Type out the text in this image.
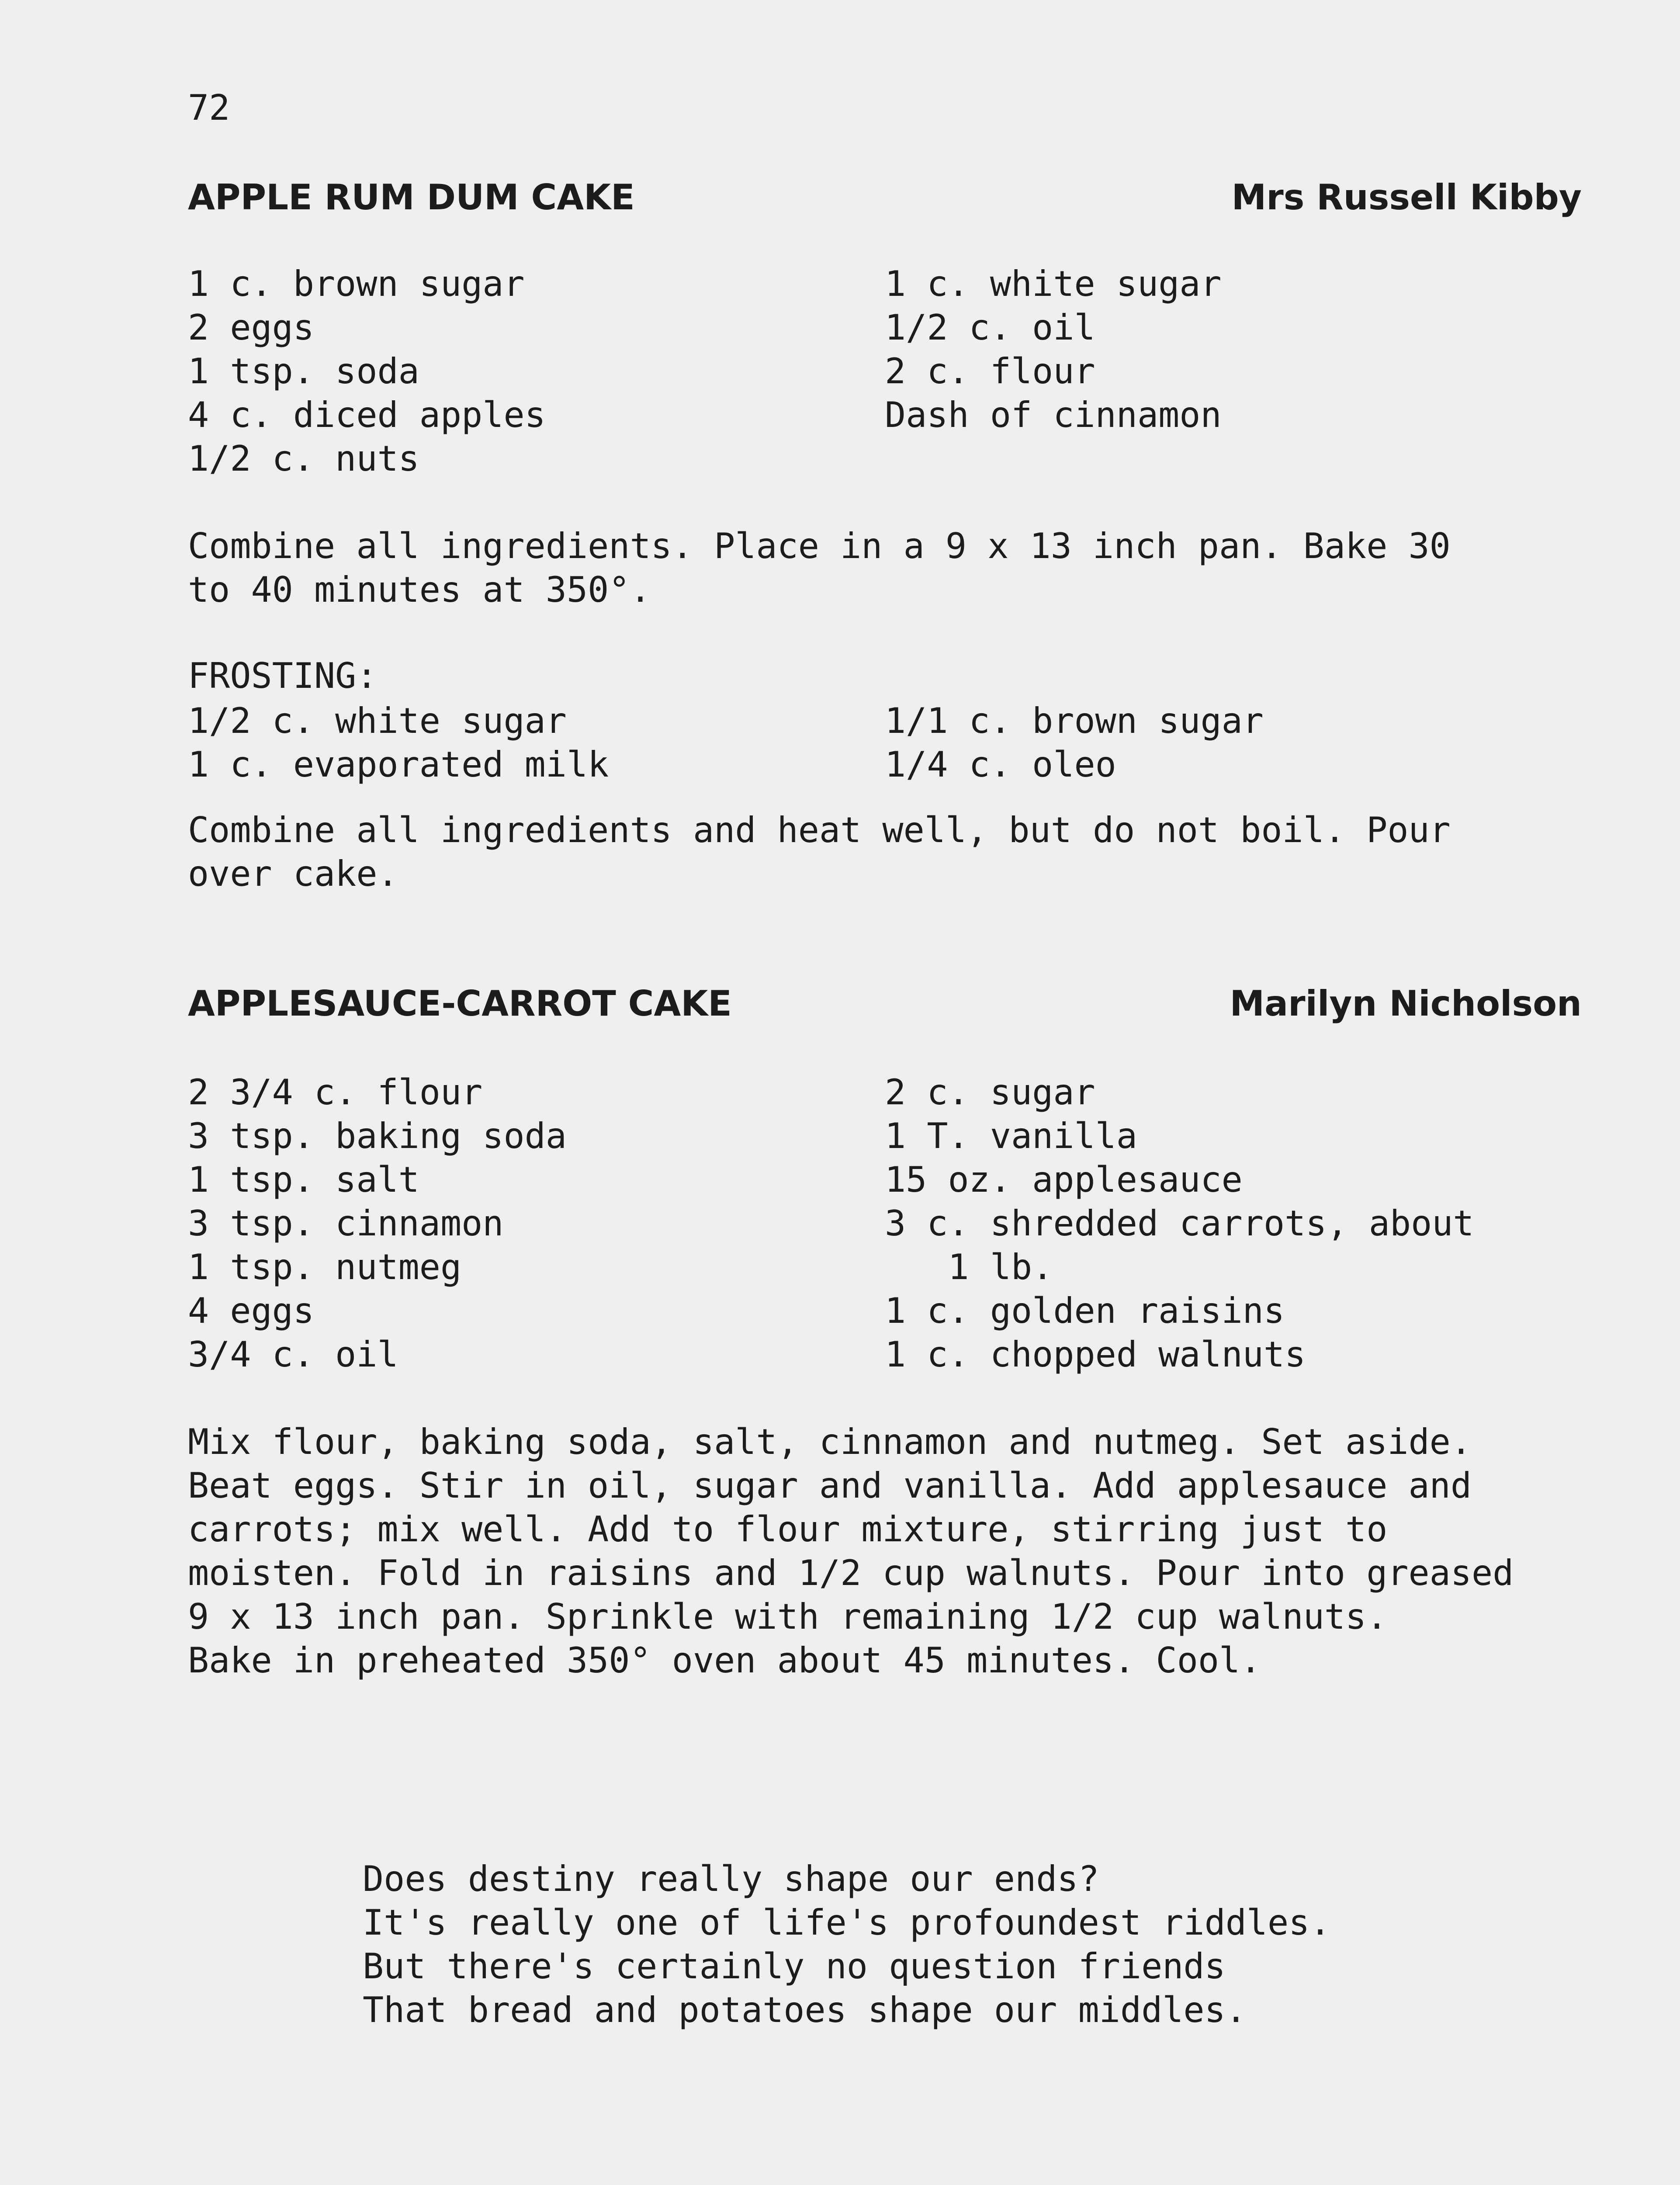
72
APPLE RUM DUM CAKE	Mrs Russell Kibby
1 c. brown sugar
2 eggs
1 tsp. soda
4 c. diced apples
1/2 c. nuts
1 c. white sugar
1/2 c. oil
2 c. flour
Dash of cinnamon
Combine all ingredients. Place in a 9 x 13 inch pan. Bake 30
to 40 minutes at 350°.
FROSTING:
1/2 c. white sugar
1 c. evaporated milk
1/1 c. brown sugar
1/4 c. oleo
Combine all ingredients and heat well, but do not boil. Pour
over cake.
APPLESAUCE-CARROT CAKE	Marilyn Nicholson
2 3/4 c. flour
3 tsp. baking soda
1 tsp. salt
3 tsp. cinnamon
1 tsp. nutmeg
4 eggs
3/4 c. oil
2 c. sugar
1 T. vanilla
15 oz. applesauce
3 c. shredded carrots, about
1 lb.
1 c. golden raisins
1 c. chopped walnuts
Mix flour, baking soda, salt, cinnamon and nutmeg. Set aside.
Beat eggs. Stir in oil, sugar and vanilla. Add applesauce and
carrots; mix well. Add to flour mixture, stirring just to
moisten. Fold in raisins and 1/2 cup walnuts. Pour into greased
9 x 13 inch pan. Sprinkle with remaining 1/2 cup walnuts.
Bake in preheated 350° oven about 45 minutes. Cool.
Does destiny really shape our ends?
It's really one of life's profoundest riddles.
But there's certainly no question friends
That bread and potatoes shape our middles.
